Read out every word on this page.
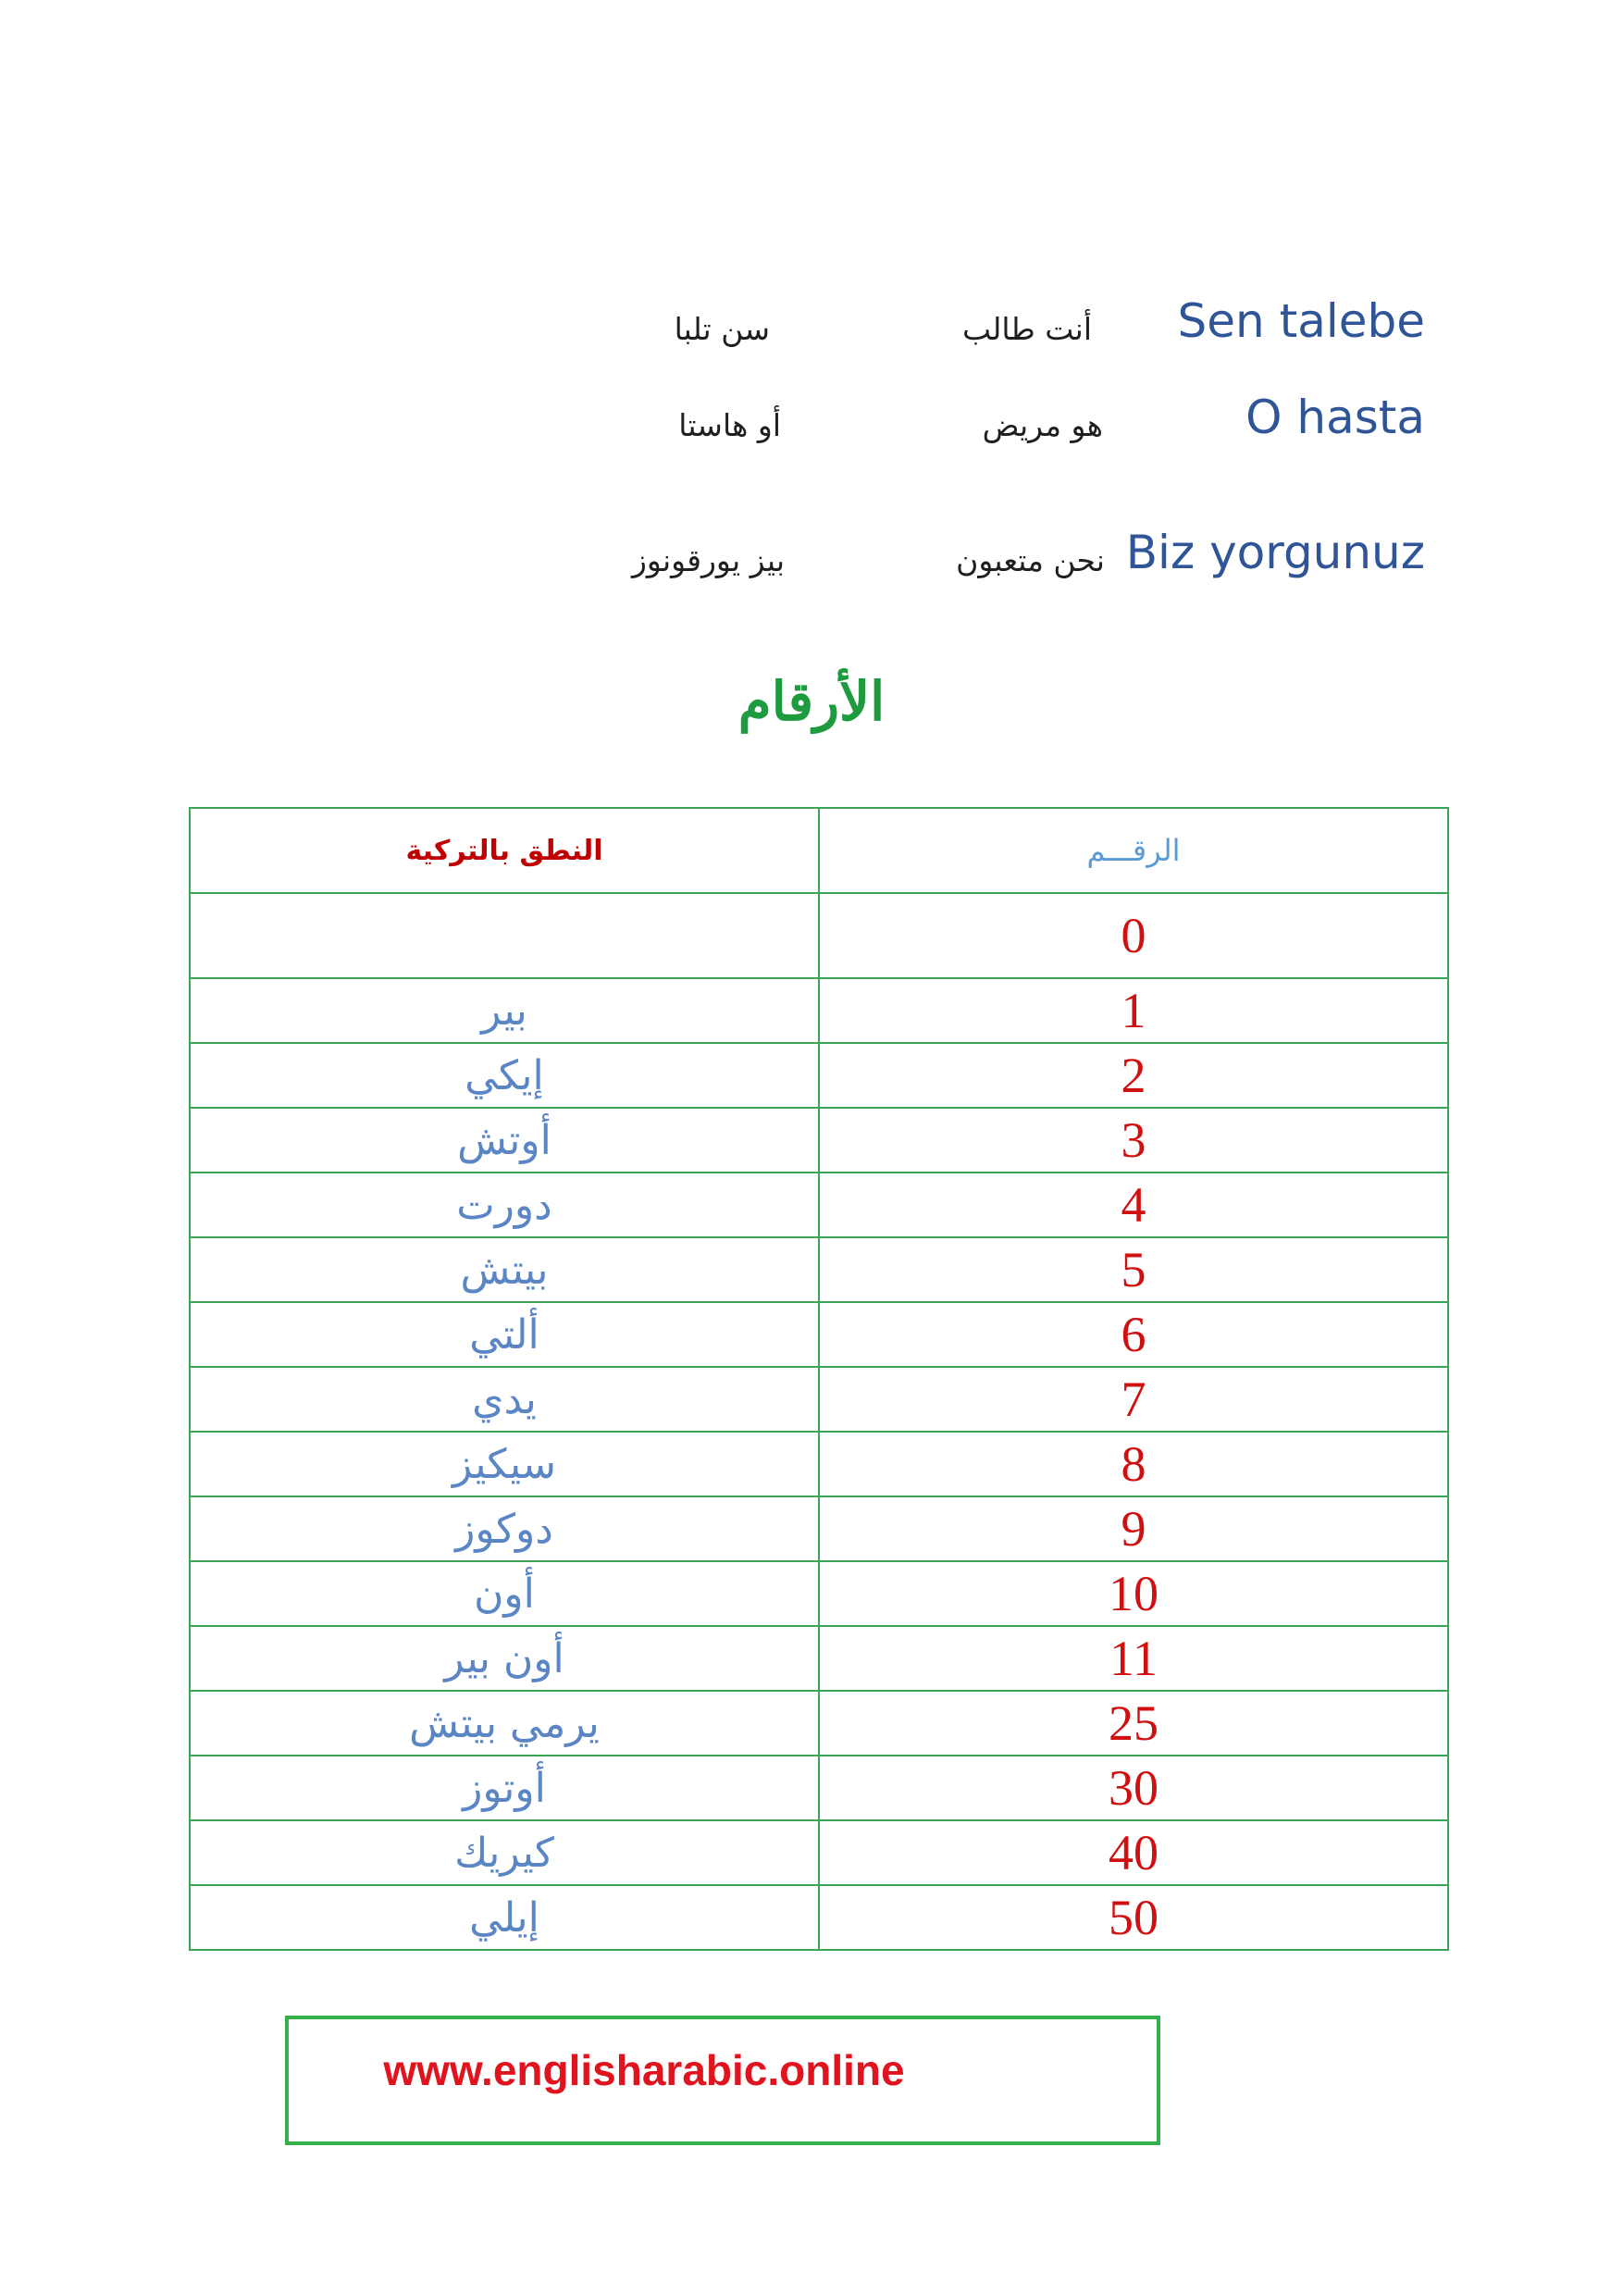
Sen talebe
أنت طالب
سن تلبا
O hasta
هو مريض
أو هاستا
Biz yorgunuz
نحن متعبون
بيز يورقونوز
الأرقام
النطق بالتركية	الرقـــم
	0
بير	1
إيكي	2
أوتش	3
دورت	4
بيتش	5
ألتي	6
يدي	7
سيكيز	8
دوكوز	9
أون	10
أون بير	11
يرمي بيتش	25
أوتوز	30
كيريك	40
إيلي	50
www.englisharabic.online
